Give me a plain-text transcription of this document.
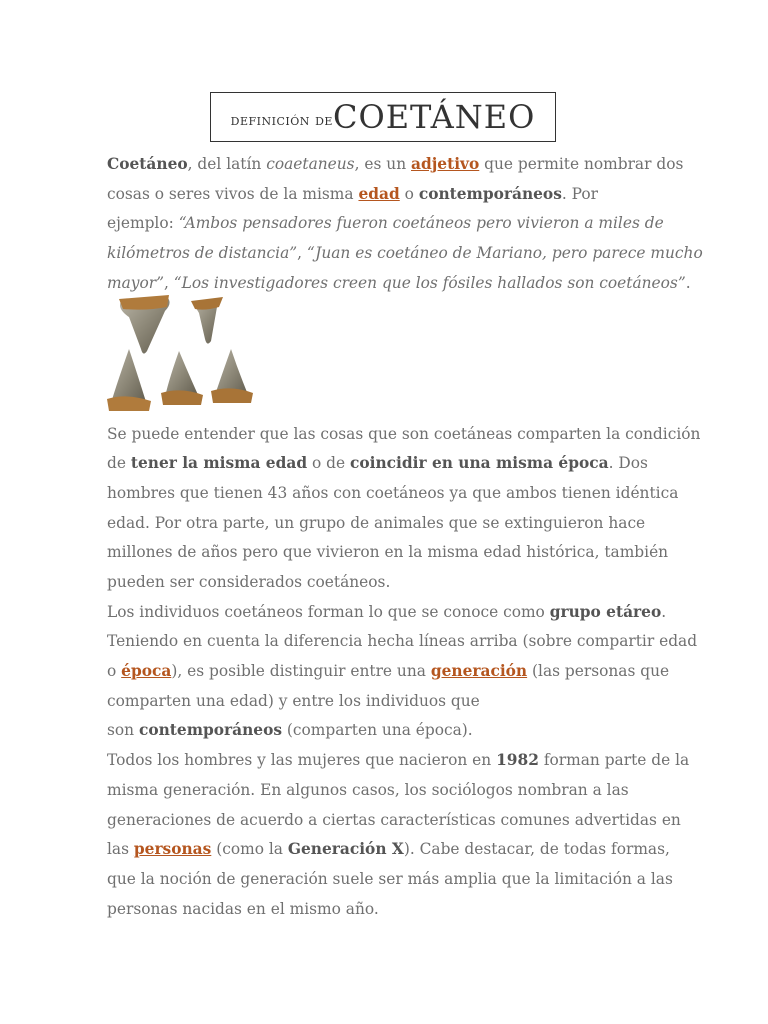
definición de COETÁNEO
Coetáneo, del latín coaetaneus, es un adjetivo que permite nombrar dos
cosas o seres vivos de la misma edad o contemporáneos. Por
ejemplo: “Ambos pensadores fueron coetáneos pero vivieron a miles de
kilómetros de distancia”, “Juan es coetáneo de Mariano, pero parece mucho
mayor”, “Los investigadores creen que los fósiles hallados son coetáneos”.
Se puede entender que las cosas que son coetáneas comparten la condición
de tener la misma edad o de coincidir en una misma época. Dos
hombres que tienen 43 años con coetáneos ya que ambos tienen idéntica
edad. Por otra parte, un grupo de animales que se extinguieron hace
millones de años pero que vivieron en la misma edad histórica, también
pueden ser considerados coetáneos.
Los individuos coetáneos forman lo que se conoce como grupo etáreo.
Teniendo en cuenta la diferencia hecha líneas arriba (sobre compartir edad
o época), es posible distinguir entre una generación (las personas que
comparten una edad) y entre los individuos que
son contemporáneos (comparten una época).
Todos los hombres y las mujeres que nacieron en 1982 forman parte de la
misma generación. En algunos casos, los sociólogos nombran a las
generaciones de acuerdo a ciertas características comunes advertidas en
las personas (como la Generación X). Cabe destacar, de todas formas,
que la noción de generación suele ser más amplia que la limitación a las
personas nacidas en el mismo año.
